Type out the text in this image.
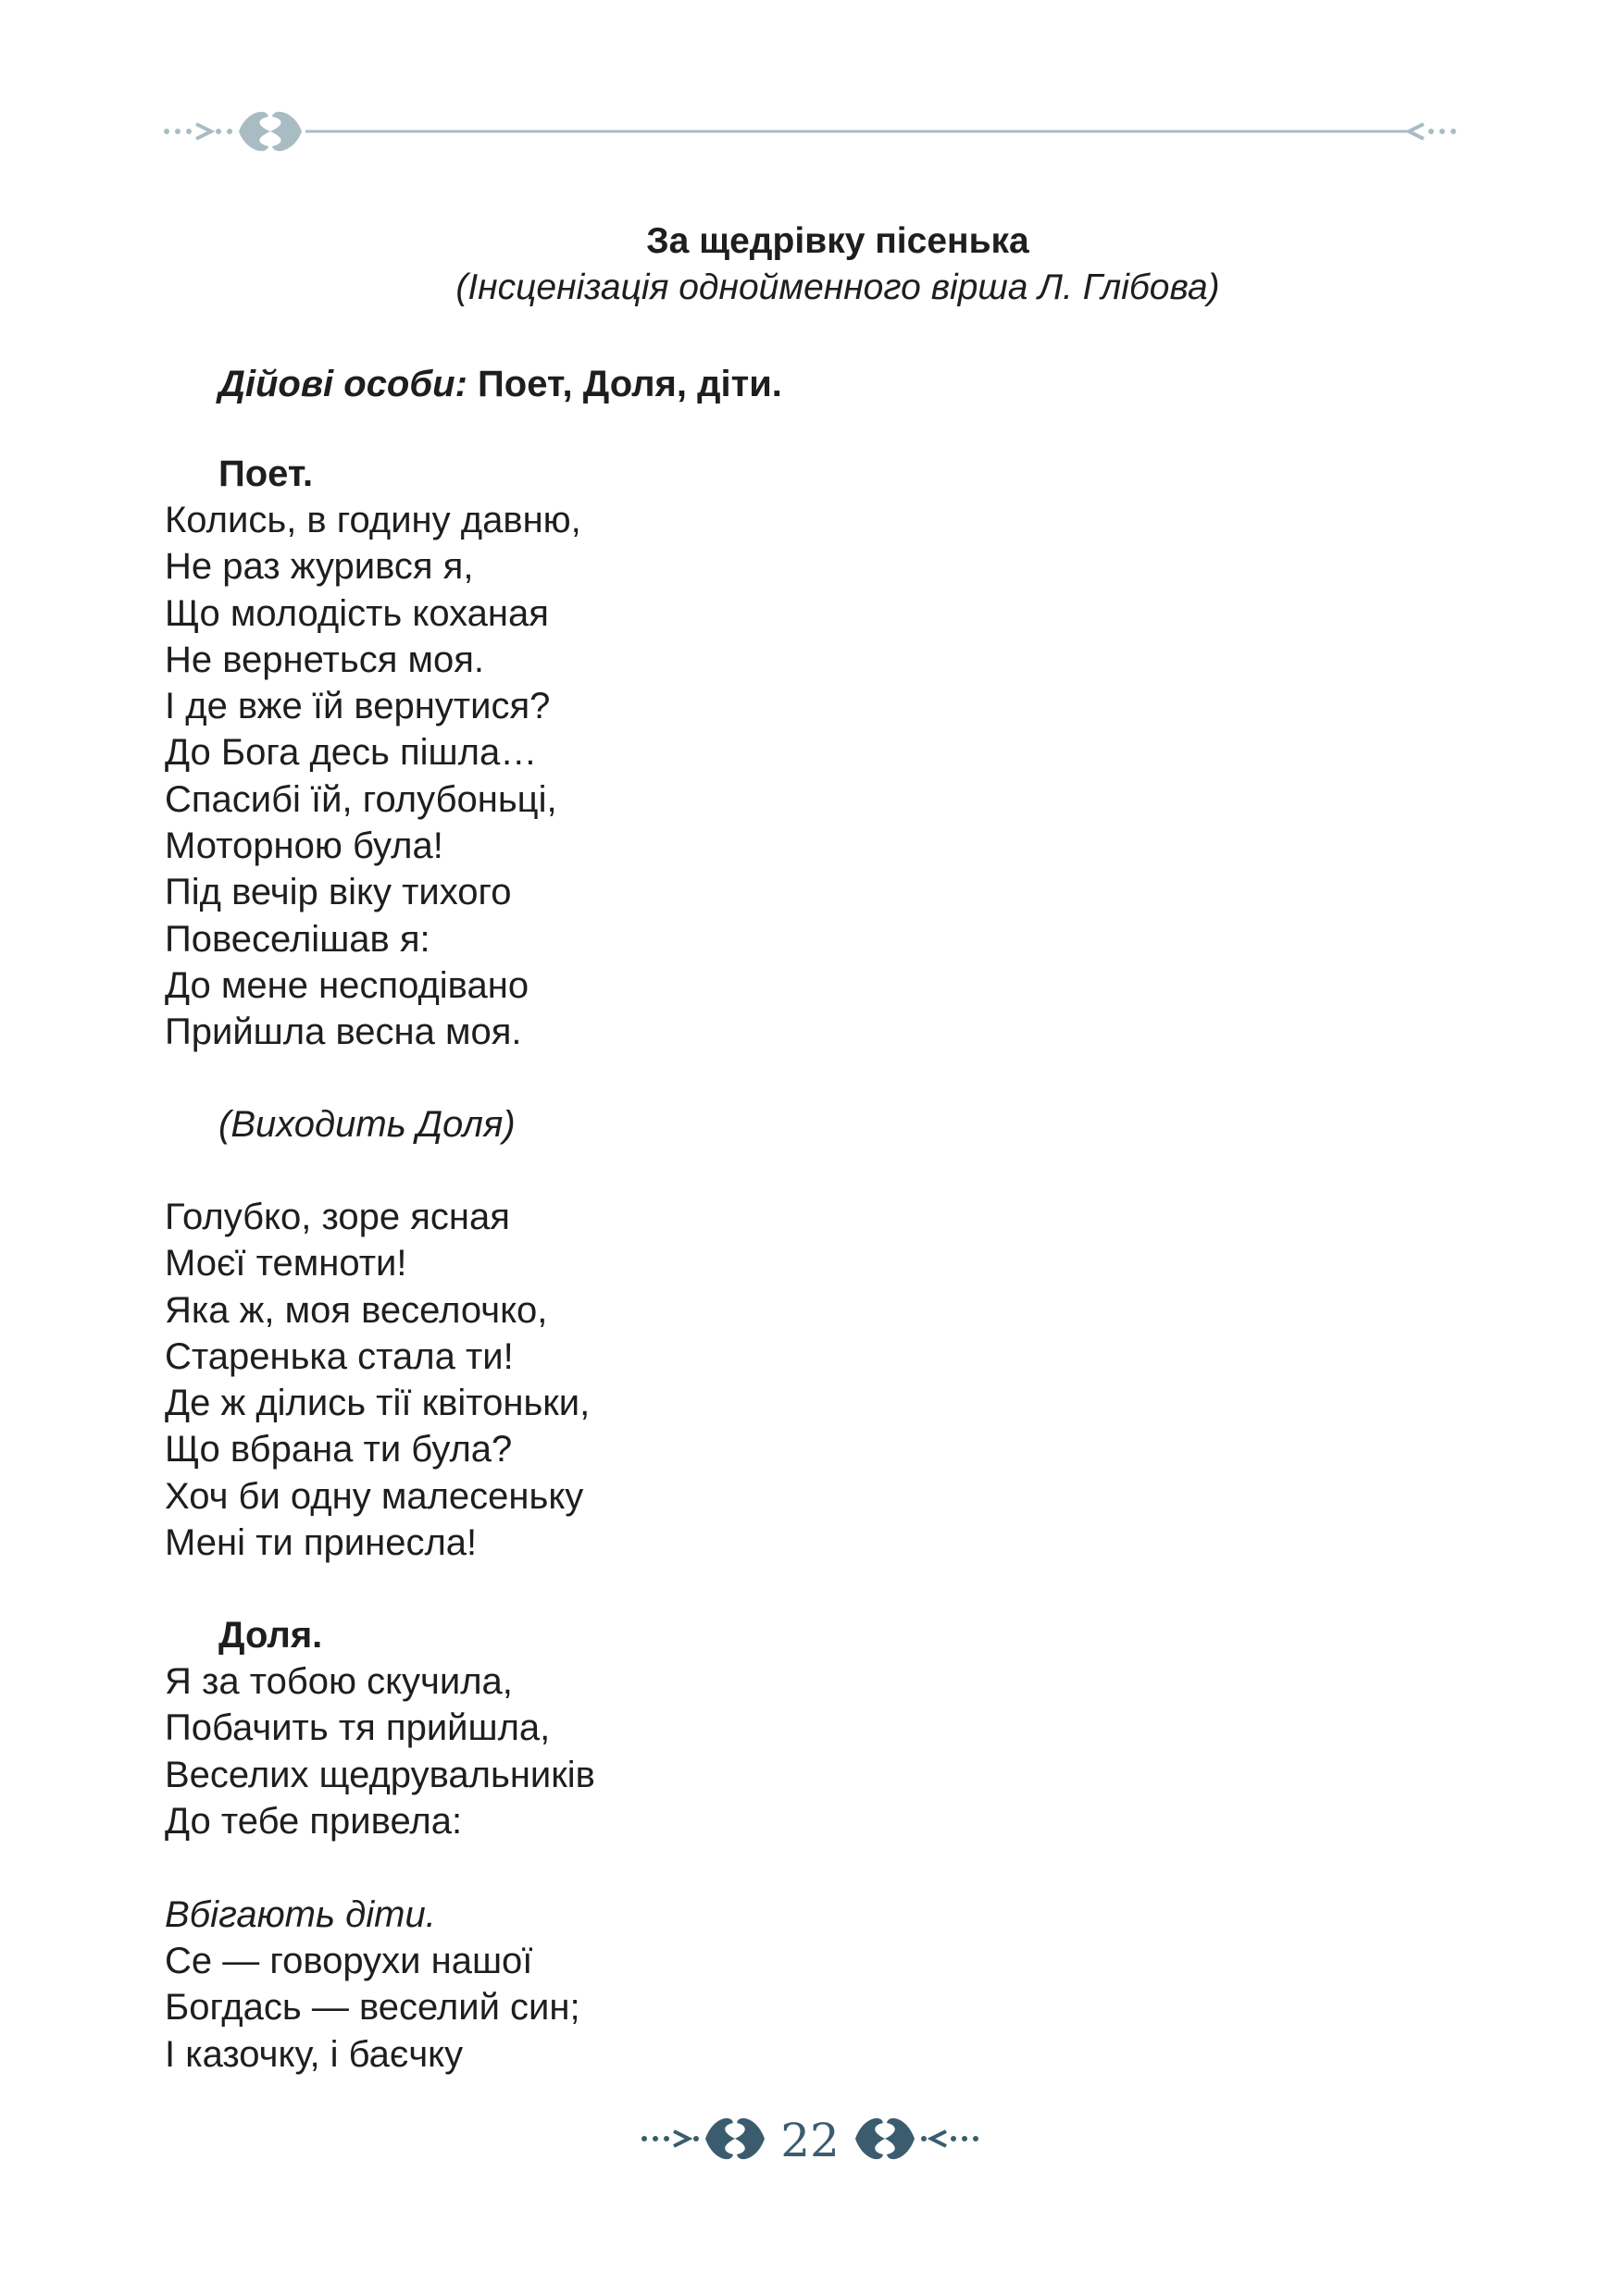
За щедрівку пісенька
(Інсценізація однойменного вірша Л. Глібова)
Дійові особи: Поет, Доля, діти.
Поет.
Колись, в годину давню,
Не раз журився я,
Що молодість коханая
Не вернеться моя.
І де вже їй вернутися?
До Бога десь пішла…
Спасибі їй, голубоньці,
Моторною була!
Під вечір віку тихого
Повеселішав я:
До мене несподівано
Прийшла весна моя.
(Виходить Доля)
Голубко, зоре ясная
Моєї темноти!
Яка ж, моя веселочко,
Старенька стала ти!
Де ж ділись тії квітоньки,
Що вбрана ти була?
Хоч би одну малесеньку
Мені ти принесла!
Доля.
Я за тобою скучила,
Побачить тя прийшла,
Веселих щедрувальників
До тебе привела:
Вбігають діти.
Се — говорухи нашої
Богдась — веселий син;
І казочку, і баєчку
22
